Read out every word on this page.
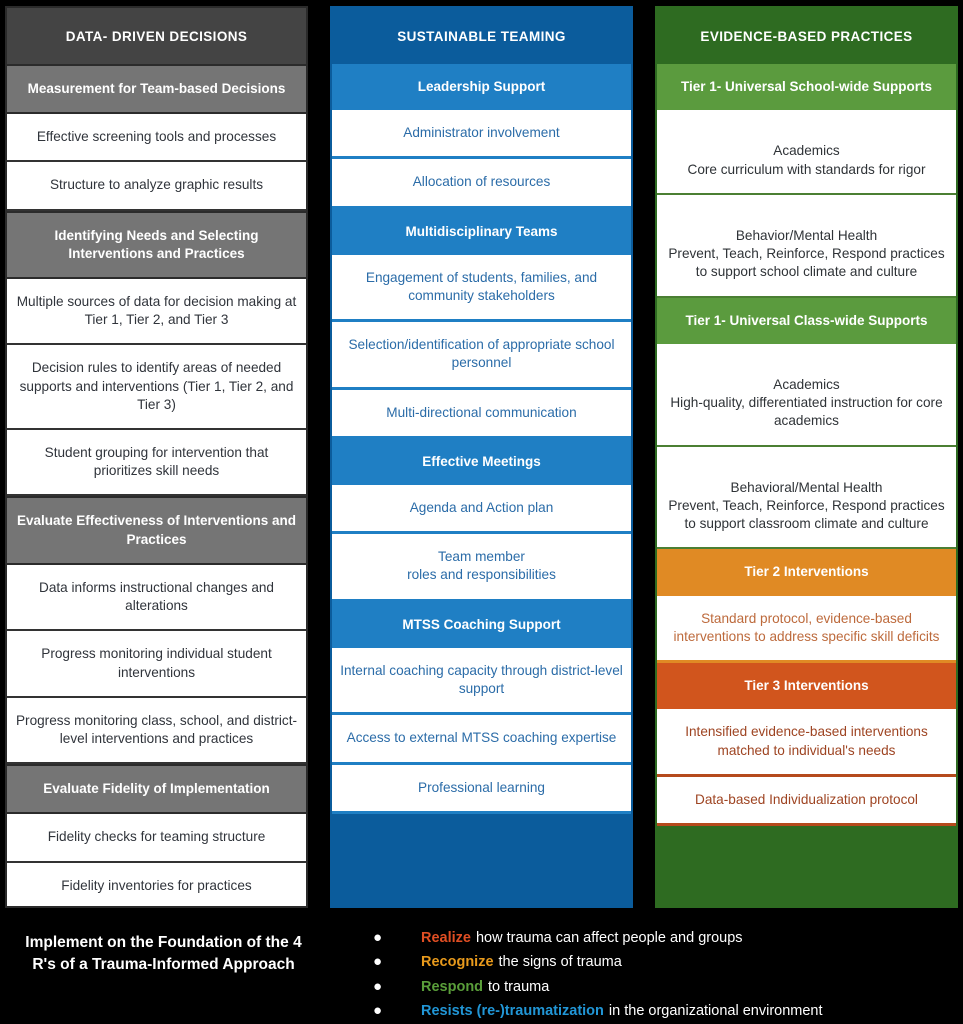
DATA- DRIVEN DECISIONS
Measurement for Team-based Decisions
Effective screening tools and processes
Structure to analyze graphic results
Identifying Needs and Selecting Interventions and Practices
Multiple sources of data for decision making at Tier 1, Tier 2, and Tier 3
Decision rules to identify areas of needed supports and interventions (Tier 1, Tier 2, and Tier 3)
Student grouping for intervention that prioritizes skill needs
Evaluate Effectiveness of Interventions and Practices
Data informs instructional changes and alterations
Progress monitoring individual student interventions
Progress monitoring class, school, and district-level interventions and practices
Evaluate Fidelity of Implementation
Fidelity checks for teaming structure
Fidelity inventories for practices
SUSTAINABLE TEAMING
Leadership Support
Administrator involvement
Allocation of resources
Multidisciplinary Teams
Engagement of students, families, and community stakeholders
Selection/identification of appropriate school personnel
Multi-directional communication
Effective Meetings
Agenda and Action plan
Team member
roles and responsibilities
MTSS Coaching Support
Internal coaching capacity through district-level support
Access to external MTSS coaching expertise
Professional learning
EVIDENCE-BASED PRACTICES
Tier 1- Universal School-wide Supports

Academics
Core curriculum with standards for rigor

Behavior/Mental Health
Prevent, Teach, Reinforce, Respond practices to support school climate and culture

Tier 1- Universal Class-wide Supports

Academics
High-quality, differentiated instruction for core academics

Behavioral/Mental Health
Prevent, Teach, Reinforce, Respond practices to support classroom climate and culture

Tier 2 Interventions
Standard protocol, evidence-based interventions to address specific skill deficits
Tier 3 Interventions
Intensified evidence-based interventions matched to individual's needs
Data-based Individualization protocol
Implement on the Foundation of the 4 R's of a Trauma-Informed Approach
●	Realize how trauma can affect people and groups
●	Recognize the signs of trauma
●	Respond to trauma
●	Resists (re-)traumatization in the organizational environment
